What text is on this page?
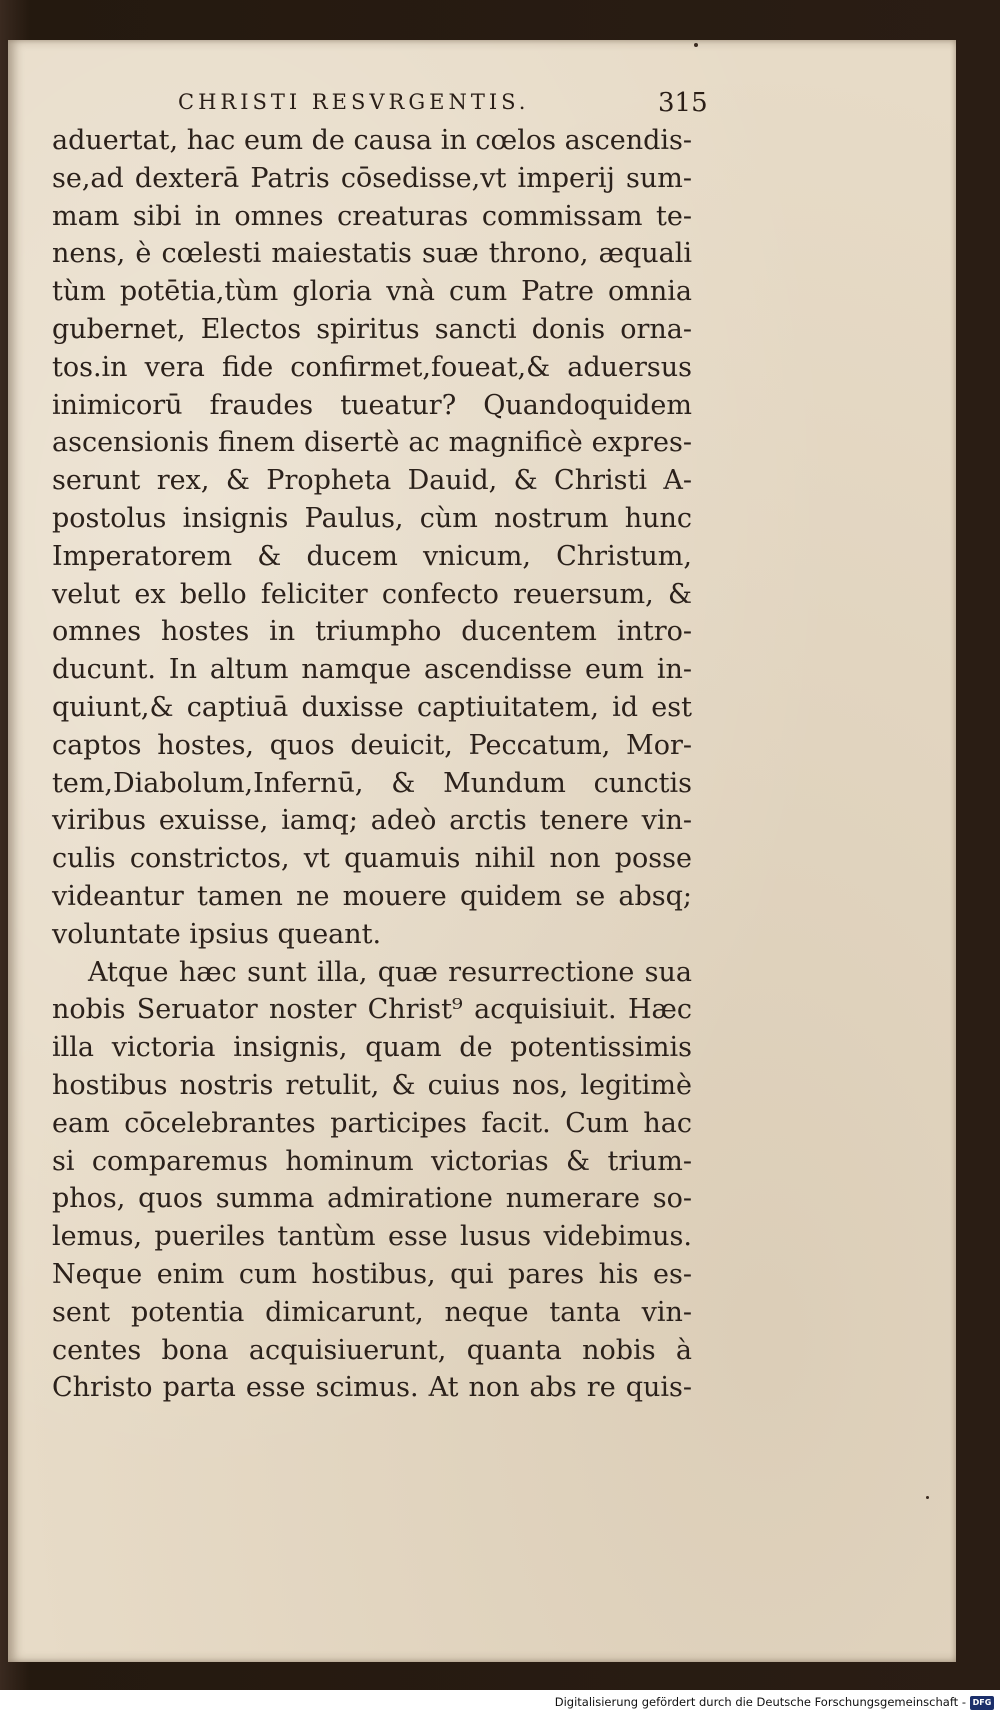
CHRISTI RESVRGENTIS.	315
aduertat, hac eum de causa in cœlos ascendis-
se,ad dexterā Patris cōsedisse,vt imperij sum-
mam sibi in omnes creaturas commissam te-
nens, è cœlesti maiestatis suæ throno, æquali
tùm potētia,tùm gloria vnà cum Patre omnia
gubernet, Electos spiritus sancti donis orna-
tos.in vera fide confirmet,foueat,& aduersus
inimicorū fraudes tueatur? Quandoquidem
ascensionis finem disertè ac magnificè expres-
serunt rex, & Propheta Dauid, & Christi A-
postolus insignis Paulus, cùm nostrum hunc
Imperatorem & ducem vnicum, Christum,
velut ex bello feliciter confecto reuersum, &
omnes hostes in triumpho ducentem intro-
ducunt. In altum namque ascendisse eum in-
quiunt,& captiuā duxisse captiuitatem, id est
captos hostes, quos deuicit, Peccatum, Mor-
tem,Diabolum,Infernū, & Mundum cunctis
viribus exuisse, iamq; adeò arctis tenere vin-
culis constrictos, vt quamuis nihil non posse
videantur tamen ne mouere quidem se absq;
voluntate ipsius queant.
Atque hæc sunt illa, quæ resurrectione sua
nobis Seruator noster Christ⁹ acquisiuit. Hæc
illa victoria insignis, quam de potentissimis
hostibus nostris retulit, & cuius nos, legitimè
eam cōcelebrantes participes facit. Cum hac
si comparemus hominum victorias & trium-
phos, quos summa admiratione numerare so-
lemus, pueriles tantùm esse lusus videbimus.
Neque enim cum hostibus, qui pares his es-
sent potentia dimicarunt, neque tanta vin-
centes bona acquisiuerunt, quanta nobis à
Christo parta esse scimus. At non abs re quis-
Digitalisierung gefördert durch die Deutsche Forschungsgemeinschaft - DFG
